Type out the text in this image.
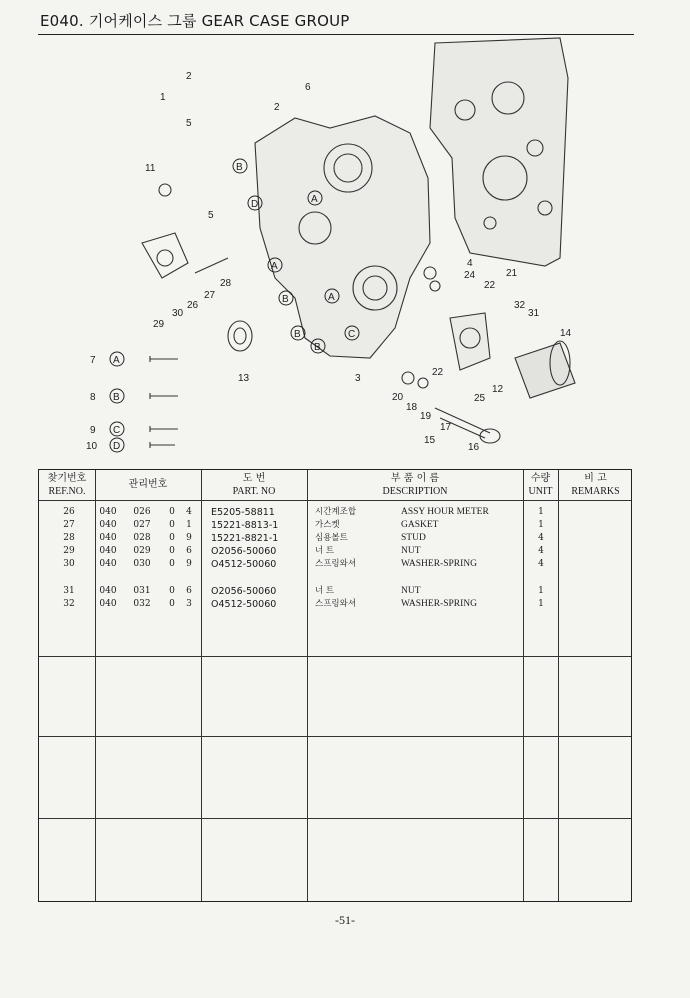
E040. 기어케이스 그룹 GEAR CASE GROUP
B
D	A
A
B	A
B	C
B
1
2
5
2
6
11
5
28
27
26
30
29
13	3
4
24	21
22
32
31
14
12
25
22
20
18
19
17
16
15
7 A
8 B
9 C
10 D
찾기번호
REF.NO.
관리번호
도 번
PART. NO
부 품 이 름
DESCRIPTION
수량
UNIT
비 고
REMARKS
26	040 026	0	4	E5205-58811	시간계조합	ASSY HOUR METER	1
27	040 027	0	1	15221-8813-1	가스켓	GASKET	1
28	040 028	0	9	15221-8821-1	심용볼트	STUD	4
29	040 029	0	6	O2056-50060	너 트	NUT	4
30	040 030	0	9	O4512-50060	스프링와셔	WASHER-SPRING	4
31	040 031	0	6	O2056-50060	너 트	NUT	1
32	040 032	0	3	O4512-50060	스프링와셔	WASHER-SPRING	1
-51-
